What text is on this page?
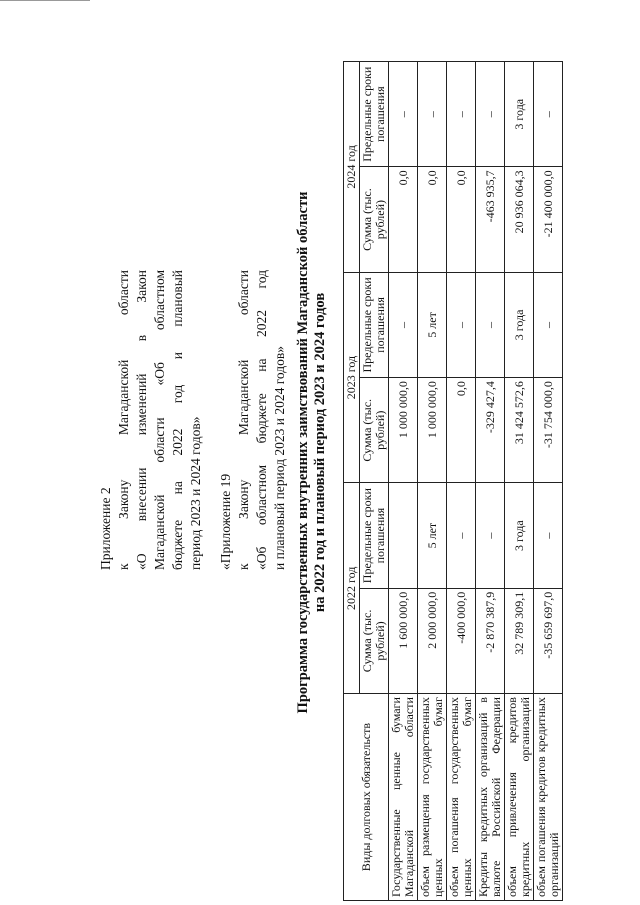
Приложение 2 к Закону Магаданской области «О внесении изменений в Закон Магаданской области «Об областном бюджете на 2022 год и плановый период 2023 и 2024 годов» «Приложение 19 к Закону Магаданской области «Об областном бюджете на 2022 год и плановый период 2023 и 2024 годов» Программа государственных внутренних заимствований Магаданской области на 2022 год и плановый период 2023 и 2024 годов
Виды долговых обязательств	2022 год		2023 год		2024 год	
	Сумма (тыс. рублей)	Предельные сроки погашения	Сумма (тыс. рублей)	Предельные сроки погашения	Сумма (тыс. рублей)	Предельные сроки погашения
Государственные ценные бумаги Магаданской области	1 600 000,0		1 000 000,0	–	0,0	–
объем размещения государственных ценных бумаг	2 000 000,0	5 лет	1 000 000,0	5 лет	0,0	–
объем погашения государственных ценных бумаг	-400 000,0	–	0,0	–	0,0	–
Кредиты кредитных организаций в валюте Российской Федерации	-2 870 387,9	–	-329 427,4	–	-463 935,7	–
объем привлечения кредитов кредитных организаций	32 789 309,1	3 года	31 424 572,6	3 года	20 936 064,3	3 года
объем погашения кредитов кредитных организаций	-35 659 697,0	–	-31 754 000,0	–	-21 400 000,0	–
